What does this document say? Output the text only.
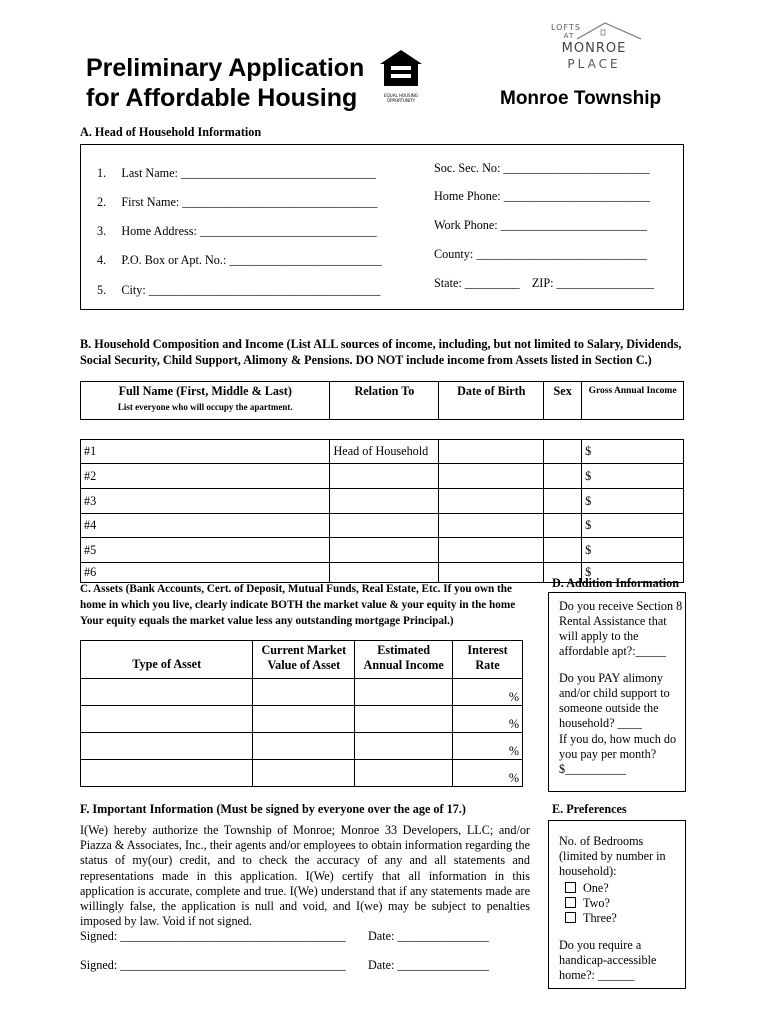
Preliminary Application
for Affordable Housing	EQUAL HOUSING OPPORTUNITY
LOFTS
AT
MONROE
PLACE
Monroe Township
A. Head of Household Information
1.     Last Name: ________________________________
2.     First Name: ________________________________
3.     Home Address: _____________________________
4.     P.O. Box or Apt. No.: _________________________
5.     City: ______________________________________
Soc. Sec. No: ________________________
Home Phone: ________________________
Work Phone: ________________________
County: ____________________________
State: _________    ZIP: ________________
B. Household Composition and Income (List ALL sources of income, including, but not limited to Salary, Dividends, Social Security, Child Support, Alimony & Pensions. DO NOT include income from Assets listed in Section C.)
Full Name (First, Middle & Last)
List everyone who will occupy the apartment.	Relation To	Date of Birth	Sex	Gross Annual Income

#1	Head of Household			$
#2				$
#3				$
#4				$
#5				$
#6				$
C. Assets (Bank Accounts, Cert. of Deposit, Mutual Funds, Real Estate, Etc. If you own the home in which you live, clearly indicate BOTH the market value & your equity in the home Your equity equals the market value less any outstanding mortgage Principal.)
Type of Asset	Current Market Value of Asset	Estimated Annual Income	Interest Rate
			%
			%
			%
			%
D. Addition Information
Do you receive Section 8 Rental Assistance that will apply to the affordable apt?:_____
Do you PAY alimony and/or child support to someone outside the household? ____
If you do, how much do you pay per month?
$__________
F. Important Information (Must be signed by everyone over the age of 17.)
I(We) hereby authorize the Township of Monroe; Monroe 33 Developers, LLC; and/or Piazza & Associates, Inc., their agents and/or employees to obtain information regarding the status of my(our) credit, and to check the accuracy of any and all statements and representations made in this application. I(We) certify that all information in this application is accurate, complete and true. I(We) understand that if any statements made are willingly false, the application is null and void, and I(we) may be subject to penalties imposed by law. Void if not signed.
Signed: _____________________________________ Date: _______________
Signed: _____________________________________ Date: _______________
E. Preferences
No. of Bedrooms (limited by number in household):
One?
Two?
Three?
Do you require a handicap-accessible home?: ______
